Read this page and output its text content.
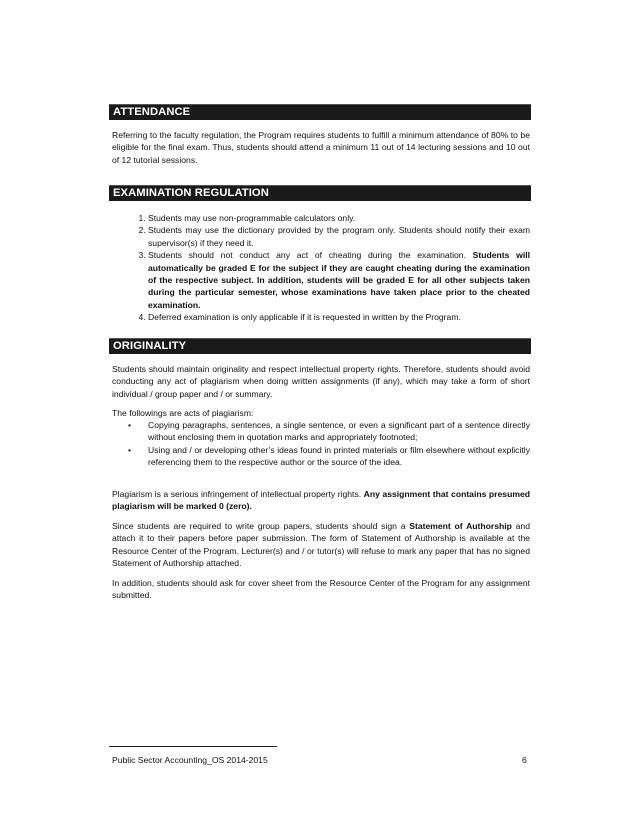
ATTENDANCE

Referring to the faculty regulation, the Program requires students to fulfill a minimum attendance of 80% to be eligible for the final exam. Thus, students should attend a minimum 11 out of 14 lecturing sessions and 10 out of 12 tutorial sessions.

EXAMINATION REGULATION
1. Students may use non-programmable calculators only.
2. Students may use the dictionary provided by the program only. Students should notify their exam supervisor(s) if they need it.
3. Students should not conduct any act of cheating during the examination. Students will automatically be graded E for the subject if they are caught cheating during the examination of the respective subject. In addition, students will be graded E for all other subjects taken during the particular semester, whose examinations have taken place prior to the cheated examination.
4. Deferred examination is only applicable if it is requested in written by the Program.
ORIGINALITY

Students should maintain originality and respect intellectual property rights. Therefore, students should avoid conducting any act of plagiarism when doing written assignments (if any), which may take a form of short individual / group paper and / or summary.

The followings are acts of plagiarism:

• Copying paragraphs, sentences, a single sentence, or even a significant part of a sentence directly without enclosing them in quotation marks and appropriately footnoted;
• Using and / or developing other’s ideas found in printed materials or film elsewhere without explicitly referencing them to the respective author or the source of the idea.

Plagiarism is a serious infringement of intellectual property rights. Any assignment that contains presumed plagiarism will be marked 0 (zero).

Since students are required to write group papers, students should sign a Statement of Authorship and attach it to their papers before paper submission. The form of Statement of Authorship is available at the Resource Center of the Program. Lecturer(s) and / or tutor(s) will refuse to mark any paper that has no signed Statement of Authorship attached.

In addition, students should ask for cover sheet from the Resource Center of the Program for any assignment submitted.

Public Sector Accounting_OS 2014-2015	6
